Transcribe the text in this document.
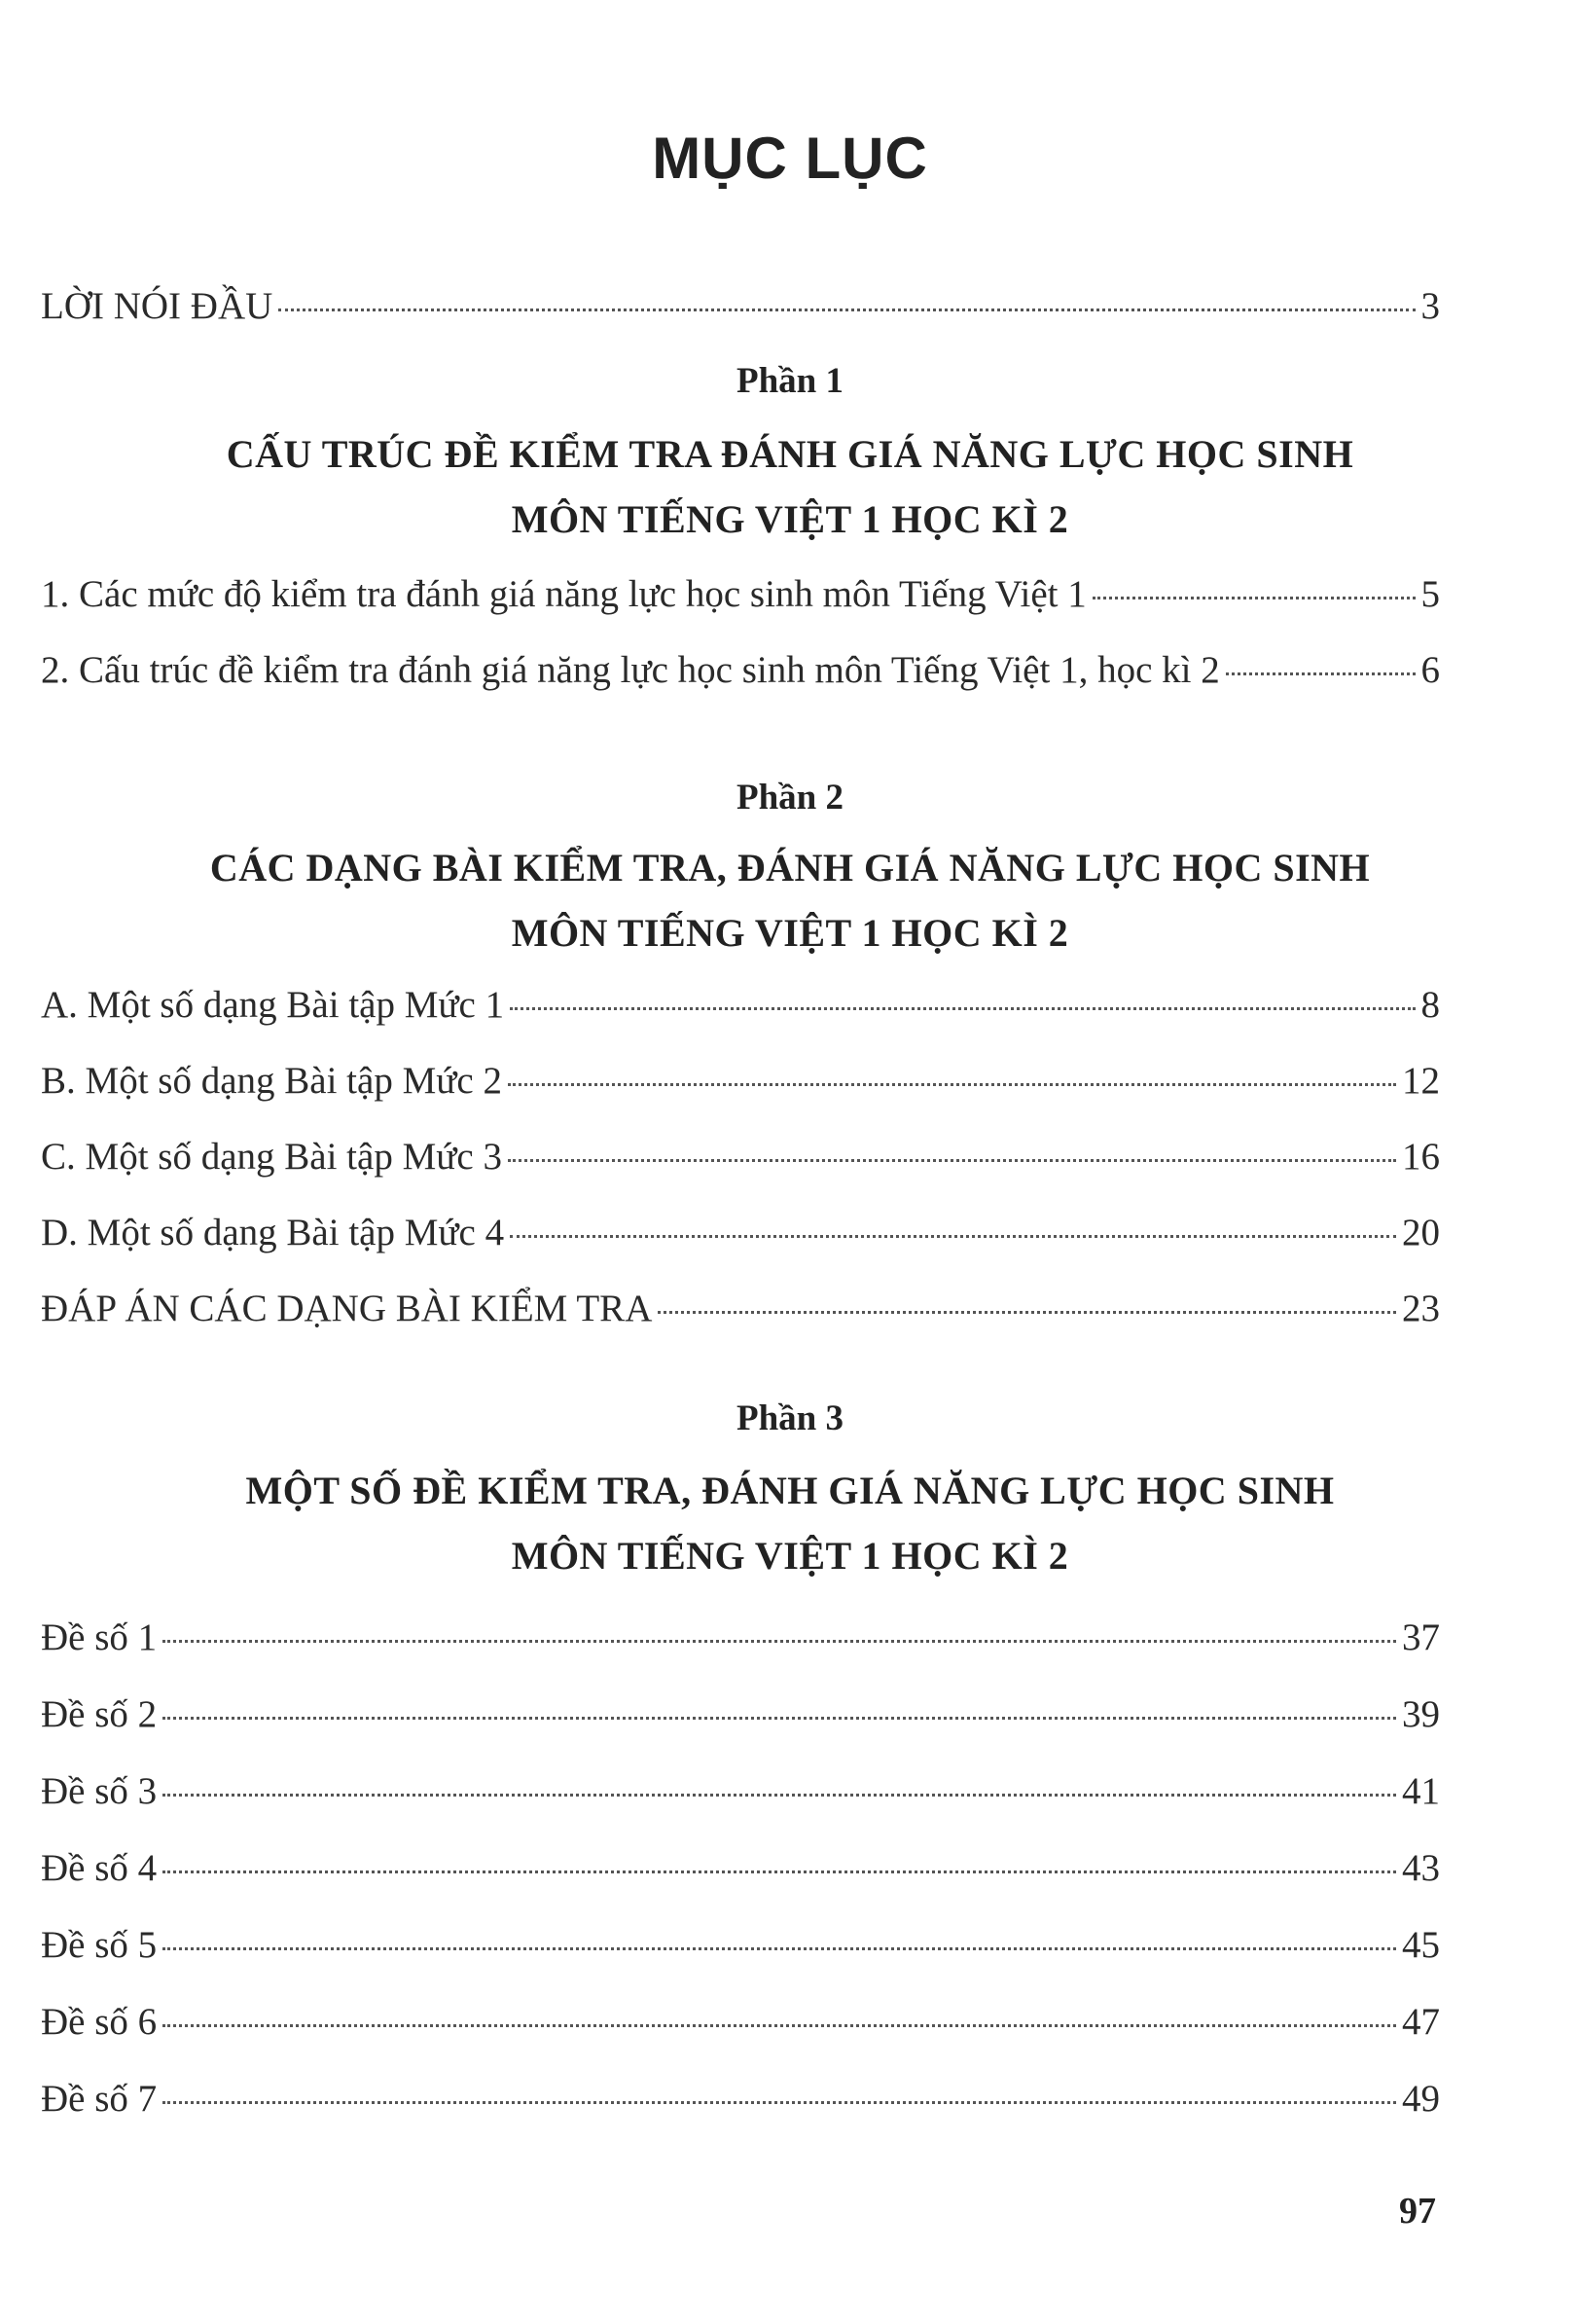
MỤC LỤC
LỜI NÓI ĐẦU	3
Phần 1
CẤU TRÚC ĐỀ KIỂM TRA ĐÁNH GIÁ NĂNG LỰC HỌC SINH
MÔN TIẾNG VIỆT 1 HỌC KÌ 2
1. Các mức độ kiểm tra đánh giá năng lực học sinh môn Tiếng Việt 1	5
2. Cấu trúc đề kiểm tra đánh giá năng lực học sinh môn Tiếng Việt 1, học kì 2	6
Phần 2
CÁC DẠNG BÀI KIỂM TRA, ĐÁNH GIÁ NĂNG LỰC HỌC SINH
MÔN TIẾNG VIỆT 1 HỌC KÌ 2
A. Một số dạng Bài tập Mức 1	8
B. Một số dạng Bài tập Mức 2	12
C. Một số dạng Bài tập Mức 3	16
D. Một số dạng Bài tập Mức 4	20
ĐÁP ÁN CÁC DẠNG BÀI KIỂM TRA	23
Phần 3
MỘT SỐ ĐỀ KIỂM TRA, ĐÁNH GIÁ NĂNG LỰC HỌC SINH
MÔN TIẾNG VIỆT 1 HỌC KÌ 2
Đề số 1	37
Đề số 2	39
Đề số 3	41
Đề số 4	43
Đề số 5	45
Đề số 6	47
Đề số 7	49
97
